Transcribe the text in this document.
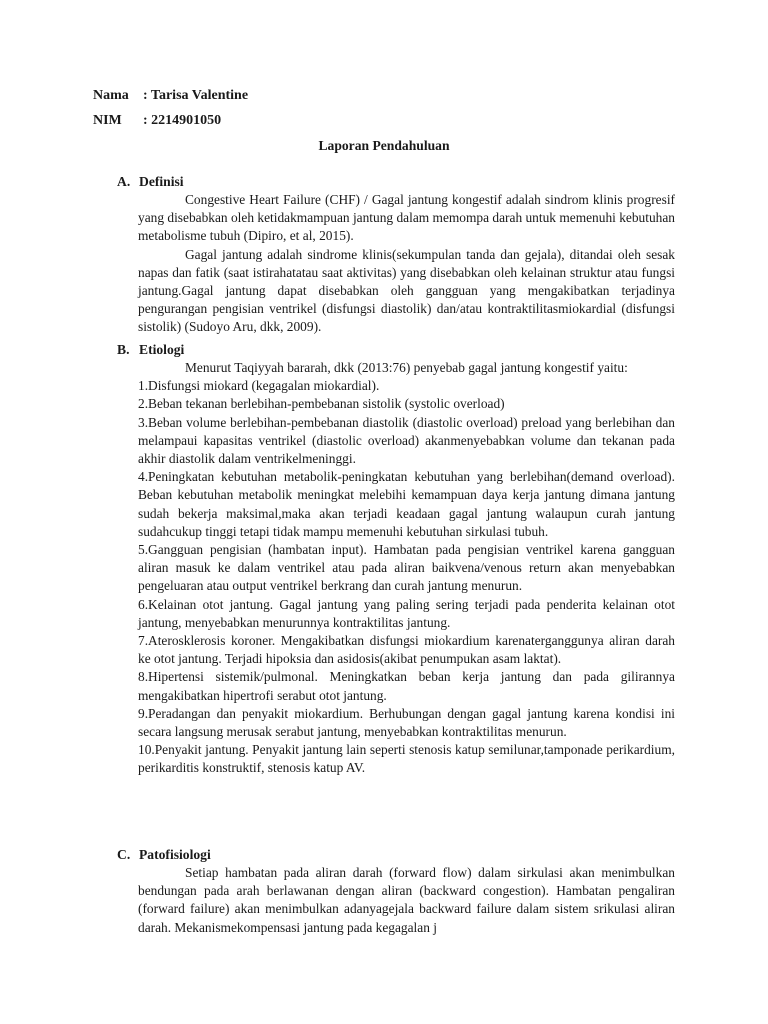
Nama : Tarisa Valentine
NIM : 2214901050
Laporan Pendahuluan
A. Definisi

Congestive Heart Failure (CHF) / Gagal jantung kongestif adalah sindrom klinis progresif yang disebabkan oleh ketidakmampuan jantung dalam memompa darah untuk memenuhi kebutuhan metabolisme tubuh (Dipiro, et al, 2015).

Gagal jantung adalah sindrome klinis(sekumpulan tanda dan gejala), ditandai oleh sesak napas dan fatik (saat istirahatatau saat aktivitas) yang disebabkan oleh kelainan struktur atau fungsi jantung.Gagal jantung dapat disebabkan oleh gangguan yang mengakibatkan terjadinya pengurangan pengisian ventrikel (disfungsi diastolik) dan/atau kontraktilitasmiokardial (disfungsi sistolik) (Sudoyo Aru, dkk, 2009).

B. Etiologi

Menurut Taqiyyah bararah, dkk (2013:76) penyebab gagal jantung kongestif yaitu:

1.Disfungsi miokard (kegagalan miokardial).

2.Beban tekanan berlebihan-pembebanan sistolik (systolic overload)

3.Beban volume berlebihan-pembebanan diastolik (diastolic overload) preload yang berlebihan dan melampaui kapasitas ventrikel (diastolic overload) akanmenyebabkan volume dan tekanan pada akhir diastolik dalam ventrikelmeninggi.

4.Peningkatan kebutuhan metabolik-peningkatan kebutuhan yang berlebihan(demand overload). Beban kebutuhan metabolik meningkat melebihi kemampuan daya kerja jantung dimana jantung sudah bekerja maksimal,maka akan terjadi keadaan gagal jantung walaupun curah jantung sudahcukup tinggi tetapi tidak mampu memenuhi kebutuhan sirkulasi tubuh.

5.Gangguan pengisian (hambatan input). Hambatan pada pengisian ventrikel karena gangguan aliran masuk ke dalam ventrikel atau pada aliran baikvena/venous return akan menyebabkan pengeluaran atau output ventrikel berkrang dan curah jantung menurun.

6.Kelainan otot jantung. Gagal jantung yang paling sering terjadi pada penderita kelainan otot jantung, menyebabkan menurunnya kontraktilitas jantung.

7.Aterosklerosis koroner. Mengakibatkan disfungsi miokardium karenaterganggunya aliran darah ke otot jantung. Terjadi hipoksia dan asidosis(akibat penumpukan asam laktat).

8.Hipertensi sistemik/pulmonal. Meningkatkan beban kerja jantung dan pada gilirannya mengakibatkan hipertrofi serabut otot jantung.

9.Peradangan dan penyakit miokardium. Berhubungan dengan gagal jantung karena kondisi ini secara langsung merusak serabut jantung, menyebabkan kontraktilitas menurun.

10.Penyakit jantung. Penyakit jantung lain seperti stenosis katup semilunar,tamponade perikardium, perikarditis konstruktif, stenosis katup AV.

C. Patofisiologi

Setiap hambatan pada aliran darah (forward flow) dalam sirkulasi akan menimbulkan bendungan pada arah berlawanan dengan aliran (backward congestion). Hambatan pengaliran (forward failure) akan menimbulkan adanyagejala backward failure dalam sistem srikulasi aliran darah. Mekanismekompensasi jantung pada kegagalan j
